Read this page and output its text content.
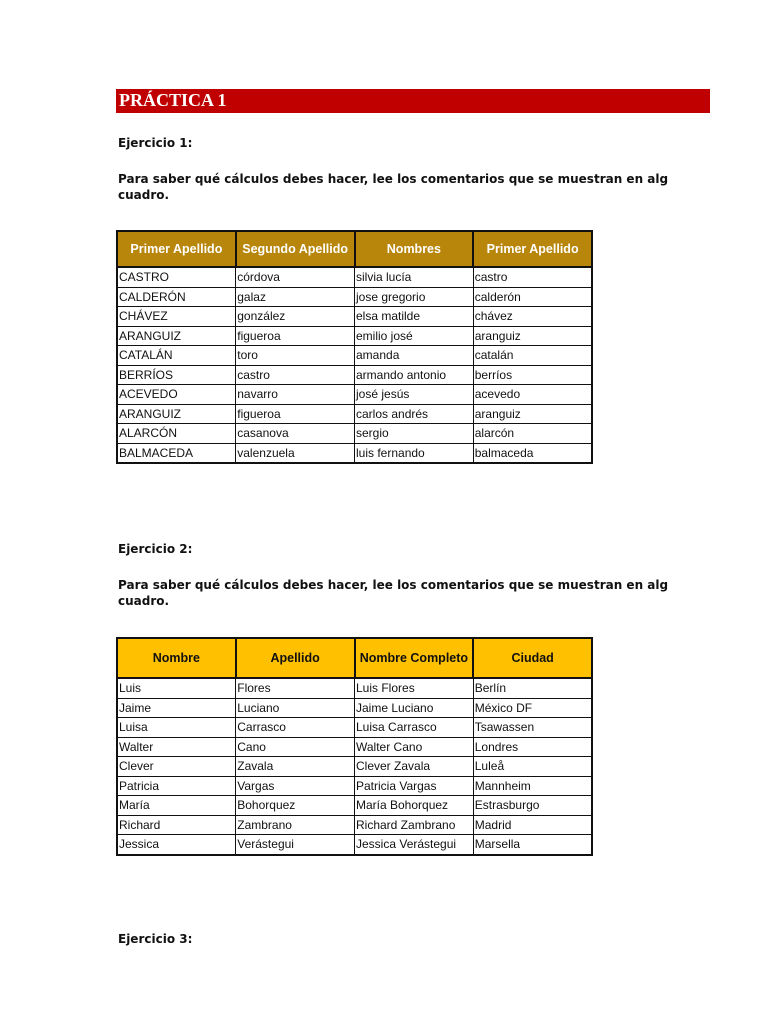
PRÁCTICA 1
Ejercicio 1:
Para saber qué cálculos debes hacer, lee los comentarios que se muestran en alg
cuadro.
Primer Apellido	Segundo Apellido	Nombres	Primer Apellido
CASTRO	córdova	silvia lucía	castro
CALDERÓN	galaz	jose gregorio	calderón
CHÁVEZ	gonzález	elsa matilde	chávez
ARANGUIZ	figueroa	emilio josé	aranguiz
CATALÁN	toro	amanda	catalán
BERRÍOS	castro	armando antonio	berríos
ACEVEDO	navarro	josé jesús	acevedo
ARANGUIZ	figueroa	carlos andrés	aranguiz
ALARCÓN	casanova	sergio	alarcón
BALMACEDA	valenzuela	luis fernando	balmaceda
Ejercicio 2:
Para saber qué cálculos debes hacer, lee los comentarios que se muestran en alg
cuadro.
Nombre	Apellido	Nombre Completo	Ciudad
Luis	Flores	Luis Flores	Berlín
Jaime	Luciano	Jaime Luciano	México DF
Luisa	Carrasco	Luisa Carrasco	Tsawassen
Walter	Cano	Walter Cano	Londres
Clever	Zavala	Clever Zavala	Luleå
Patricia	Vargas	Patricia Vargas	Mannheim
María	Bohorquez	María Bohorquez	Estrasburgo
Richard	Zambrano	Richard Zambrano	Madrid
Jessica	Verástegui	Jessica Verástegui	Marsella
Ejercicio 3:
